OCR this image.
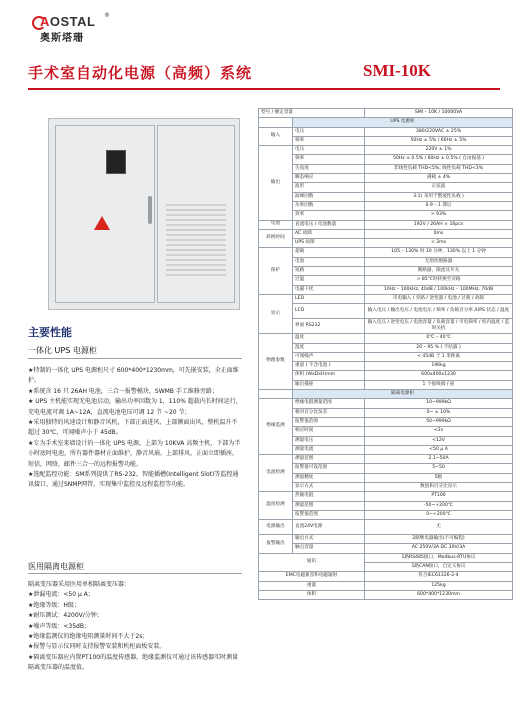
AOSTAL ®
奥斯塔珊
手术室自动化电源（高频）系统	SMI-10K
主要性能
一体化 UPS 电源柜

★特制的一体化 UPS 电源柜尺寸 600*400*1230mm，可先嵌安装，全正面维护。

★系统含 16 只 26AH 电池，三合一报警模块，SWMB 手工维修旁路；

★ UPS 主机能实现无电池启动，输出功率因数为 1，110% 超载内长时间运行，充电电流可调 1A~12A，直流电池电压可调 12 节 ~20 节；

★采用独特的风速设计和静音风机，下部正面进风，上部侧面出风，整机温升不超过 30℃，可闻噪声小于 45dB。

★专为手术室来墙设计的一体化 UPS 电源，上部为 10KVA 高频主机，下部为半小时底时电池，所有器件器材正面维护，静音风扇，上部排风，正面立即插座，短信，网络，邮件三合一的远程报警功能。

★选配监控功能：SM系列提供了RS-232，智能插槽(Intelligent Slot)等监控通讯接口，通过SNMP网管，实现集中监控及远程监控等功能。

医用隔离电源柜

隔离变压器采用医用单相隔离变压器：

★泄漏电流：<50 μ A；

★绝缘等级：H级；

★耐压测试：4200V/分钟；

★噪声等级：<35dB；

★绝缘监测仪的绝缘电阻测量时间不大于2s；

★报警与显示仪同时支持报警安装和机柜面板安装。

★隔离变压器应内置PT100的温度传感器，绝缘监测仪可通过该传感器实时测量隔离变压器的温度值。

型号 / 额定容量		SMI – 10K / 10000VA
	UPS 电源柜	
输入	电压	380/220VAC ± 25%
	频率	50Hz ± 5% / 60Hz ± 5%
输出	电压	220V ± 1%
	频率	50Hz ± 0.5% / 60Hz ± 0.5% ( 自由振荡 )
	失真度	非线性负载 THD<5%; 线性负载 THD<3%
	瞬态响应	满载 ± 4%
	波形	正弦波
	波峰因数	3:1( 采用于整流性负载 )
	功率因数	0.9 – 1 滞后
	效率	> 93%
电池	直流电压 / 电池数量	192V / 26AH × 16pcs
转换时间	AC 故障	0ms
	UPS 故障	< 2ms
保护	超载	105 – 130% 时 10 分钟，130% 以上 1 分钟
	电池	无熔丝断路器
	短路	断路器，限流及开关
	过温	> 85℃时转换至旁路
	电磁干扰	10Hz – 100kHz, 40dB / 100kHz – 100MHz, 70dB
显示	LED	市电输入 / 旁路 / 逆变器 / 电池 / 过载 / 故障
	LCD	输入电压 / 输出电压 / 电池电压 / 频率 / 负载百分率 /UPS 状态 / 温度
	界面 RS232	输入电压 / 逆变电压 / 电池容量 / 负载容量 / 市电频率 / 机内温度 / 监时关机
物理参数	温度	0℃ – 40℃
	湿度	20 – 95 % ( 不结露 )
	可闻噪声	< 45dB 于 1 米距离
	重量 ( 不含电池 )	196kg
	体积 (WxDxH)mm	600x400x1230
	输出插座	1 个接线端子座
	隔离电源柜	
绝缘监测	绝缘电阻测量范围	10~999kΩ
	相对百分比误差	0~ ± 10%
	报警值范围	50~999kΩ
	响应时间	<2s
	测量电压	<12V
	测量电流	<50 μ A
电流检测	测量范围	2.1~50A
	报警值可设范围	5~50
	测量精度	5级
	显示方式	数值和百分比显示
温度检测	热敏电阻	PT100
	测量范围	-50~+200℃
	报警值范围	0~+200℃
电源输出	直流24V电源	无
报警输出	输出方式	2路继电器输出(不可编程)
	触点容量	AC 250V/3A DC 30V/3A
通讯		1路RS485接口，Modbus-RTU协议
		1路CAN接口，自定义协议
EMC电磁兼容和电磁辐射		符合IEC61326-2-4
重量		125kg
体积		600*400*1230mm
